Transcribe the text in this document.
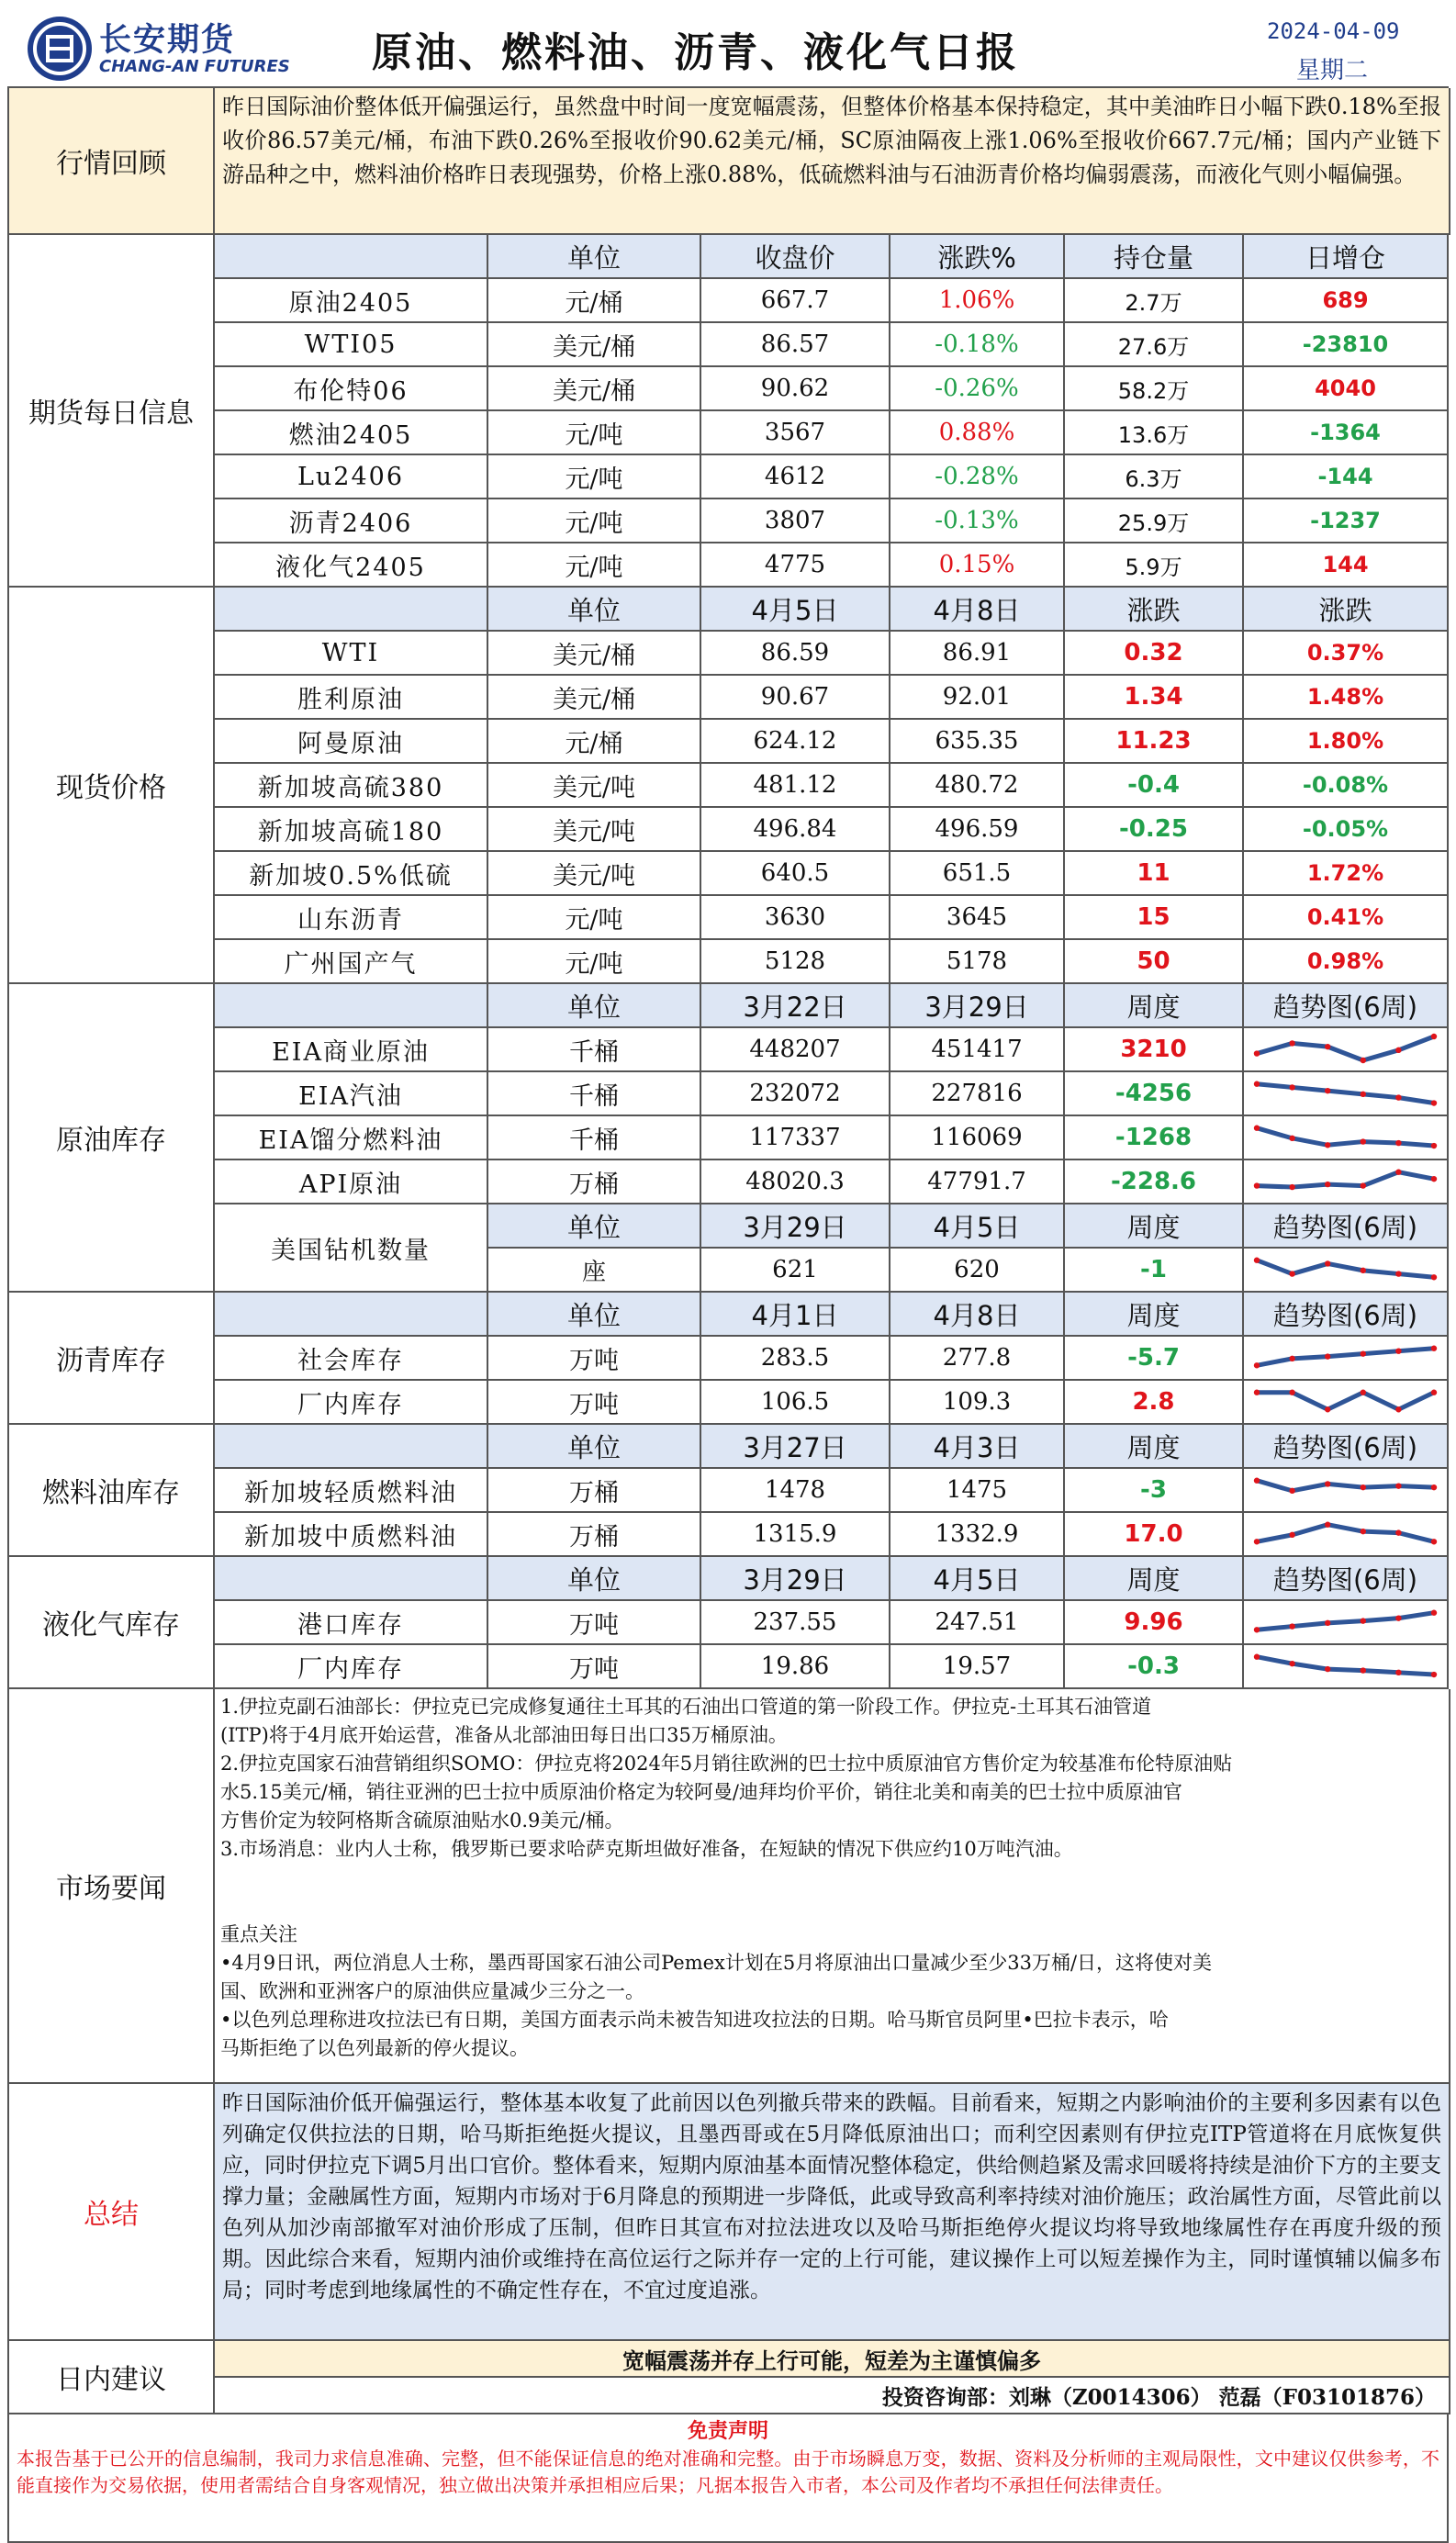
长安期货
CHANG-AN FUTURES 原油、燃料油、沥青、液化气日报	2024-04-09
星期二
行情回顾
昨日国际油价整体低开偏强运行，虽然盘中时间一度宽幅震荡，但整体价格基本保持稳定，其中美油昨日小幅下跌0.18%至报收价86.57美元/桶，布油下跌0.26%至报收价90.62美元/桶，SC原油隔夜上涨1.06%至报收价667.7元/桶；国内产业链下游品种之中，燃料油价格昨日表现强势，价格上涨0.88%，低硫燃料油与石油沥青价格均偏弱震荡，而液化气则小幅偏强。
期货每日信息
单位	收盘价	涨跌%	持仓量	日增仓
原油2405	元/桶	667.7	1.06%	2.7万	689
WTI05	美元/桶	86.57	-0.18%	27.6万	-23810
布伦特06	美元/桶	90.62	-0.26%	58.2万	4040
燃油2405	元/吨	3567	0.88%	13.6万	-1364
Lu2406	元/吨	4612	-0.28%	6.3万	-144
沥青2406	元/吨	3807	-0.13%	25.9万	-1237
液化气2405	元/吨	4775	0.15%	5.9万	144
现货价格
单位	4月5日	4月8日	涨跌	涨跌
WTI	美元/桶	86.59	86.91	0.32	0.37%
胜利原油	美元/桶	90.67	92.01	1.34	1.48%
阿曼原油	元/桶	624.12	635.35	11.23	1.80%
新加坡高硫380	美元/吨	481.12	480.72	-0.4	-0.08%
新加坡高硫180	美元/吨	496.84	496.59	-0.25	-0.05%
新加坡0.5%低硫	美元/吨	640.5	651.5	11	1.72%
山东沥青	元/吨	3630	3645	15	0.41%
广州国产气	元/吨	5128	5178	50	0.98%
原油库存
单位	3月22日	3月29日	周度	趋势图(6周)
EIA商业原油	千桶	448207	451417	3210
EIA汽油	千桶	232072	227816	-4256
EIA馏分燃料油	千桶	117337	116069	-1268
API原油	万桶	48020.3	47791.7	-228.6
美国钻机数量
单位	3月29日	4月5日	周度	趋势图(6周)
座	621	620	-1
沥青库存
单位	4月1日	4月8日	周度	趋势图(6周)
社会库存	万吨	283.5	277.8	-5.7
厂内库存	万吨	106.5	109.3	2.8
燃料油库存
单位	3月27日	4月3日	周度	趋势图(6周)
新加坡轻质燃料油	万桶	1478	1475	-3
新加坡中质燃料油	万桶	1315.9	1332.9	17.0
液化气库存
单位	3月29日	4月5日	周度	趋势图(6周)
港口库存	万吨	237.55	247.51	9.96
厂内库存	万吨	19.86	19.57	-0.3
市场要闻
1.伊拉克副石油部长：伊拉克已完成修复通往土耳其的石油出口管道的第一阶段工作。伊拉克-土耳其石油管道
(ITP)将于4月底开始运营，准备从北部油田每日出口35万桶原油。
2.伊拉克国家石油营销组织SOMO：伊拉克将2024年5月销往欧洲的巴士拉中质原油官方售价定为较基准布伦特原油贴
水5.15美元/桶，销往亚洲的巴士拉中质原油价格定为较阿曼/迪拜均价平价，销往北美和南美的巴士拉中质原油官
方售价定为较阿格斯含硫原油贴水0.9美元/桶。
3.市场消息：业内人士称，俄罗斯已要求哈萨克斯坦做好准备，在短缺的情况下供应约10万吨汽油。
重点关注
•4月9日讯，两位消息人士称，墨西哥国家石油公司Pemex计划在5月将原油出口量减少至少33万桶/日，这将使对美
国、欧洲和亚洲客户的原油供应量减少三分之一。
•以色列总理称进攻拉法已有日期，美国方面表示尚未被告知进攻拉法的日期。哈马斯官员阿里•巴拉卡表示，哈
马斯拒绝了以色列最新的停火提议。
总结
昨日国际油价低开偏强运行，整体基本收复了此前因以色列撤兵带来的跌幅。目前看来，短期之内影响油价的主要利多因素有以色列确定仅供拉法的日期，哈马斯拒绝挺火提议，且墨西哥或在5月降低原油出口；而利空因素则有伊拉克ITP管道将在月底恢复供应，同时伊拉克下调5月出口官价。整体看来，短期内原油基本面情况整体稳定，供给侧趋紧及需求回暖将持续是油价下方的主要支撑力量；金融属性方面，短期内市场对于6月降息的预期进一步降低，此或导致高利率持续对油价施压；政治属性方面，尽管此前以色列从加沙南部撤军对油价形成了压制，但昨日其宣布对拉法进攻以及哈马斯拒绝停火提议均将导致地缘属性存在再度升级的预期。因此综合来看，短期内油价或维持在高位运行之际并存一定的上行可能，建议操作上可以短差操作为主，同时谨慎辅以偏多布局；同时考虑到地缘属性的不确定性存在，不宜过度追涨。
日内建议
宽幅震荡并存上行可能，短差为主谨慎偏多
投资咨询部：刘琳（Z0014306） 范磊（F03101876）
免责声明
本报告基于已公开的信息编制，我司力求信息准确、完整，但不能保证信息的绝对准确和完整。由于市场瞬息万变，数据、资料及分析师的主观局限性，文中建议仅供参考，不能直接作为交易依据，使用者需结合自身客观情况，独立做出决策并承担相应后果；凡据本报告入市者，本公司及作者均不承担任何法律责任。
